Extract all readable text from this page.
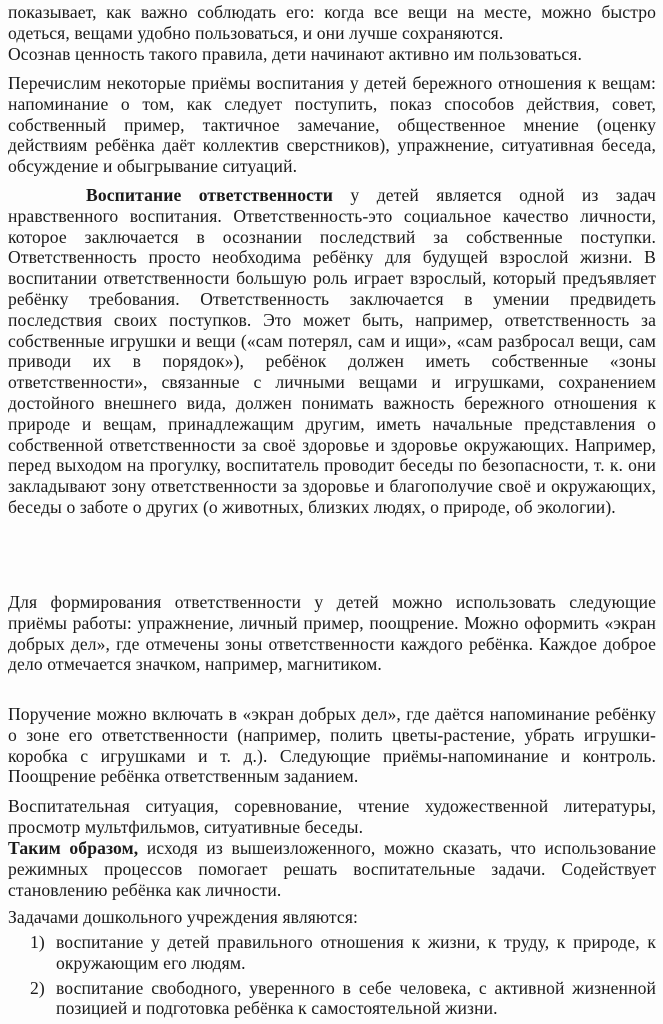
показывает, как важно соблюдать его: когда все вещи на месте, можно быстро одеться, вещами удобно пользоваться, и они лучше сохраняются.

Осознав ценность такого правила, дети начинают активно им пользоваться.

Перечислим некоторые приёмы воспитания у детей бережного отношения к вещам: напоминание о том, как следует поступить, показ способов действия, совет, собственный пример, тактичное замечание, общественное мнение (оценку действиям ребёнка даёт коллектив сверстников), упражнение, ситуативная беседа, обсуждение и обыгрывание ситуаций.

Воспитание ответственности у детей является одной из задач нравственного воспитания. Ответственность-это социальное качество личности, которое заключается в осознании последствий за собственные поступки. Ответственность просто необходима ребёнку для будущей взрослой жизни. В воспитании ответственности большую роль играет взрослый, который предъявляет ребёнку требования. Ответственность заключается в умении предвидеть последствия своих поступков. Это может быть, например, ответственность за собственные игрушки и вещи («сам потерял, сам и ищи», «сам разбросал вещи, сам приводи их в порядок»), ребёнок должен иметь собственные «зоны ответственности», связанные с личными вещами и игрушками, сохранением достойного внешнего вида, должен понимать важность бережного отношения к природе и вещам, принадлежащим другим, иметь начальные представления о собственной ответственности за своё здоровье и здоровье окружающих. Например, перед выходом на прогулку, воспитатель проводит беседы по безопасности, т. к. они закладывают зону ответственности за здоровье и благополучие своё и окружающих, беседы о заботе о других (о животных, близких людях, о природе, об экологии).

Для формирования ответственности у детей можно использовать следующие приёмы работы: упражнение, личный пример, поощрение. Можно оформить «экран добрых дел», где отмечены зоны ответственности каждого ребёнка. Каждое доброе дело отмечается значком, например, магнитиком.

Поручение можно включать в «экран добрых дел», где даётся напоминание ребёнку о зоне его ответственности (например, полить цветы-растение, убрать игрушки-коробка с игрушками и т. д.). Следующие приёмы-напоминание и контроль. Поощрение ребёнка ответственным заданием.

Воспитательная ситуация, соревнование, чтение художественной литературы, просмотр мультфильмов, ситуативные беседы.

Таким образом, исходя из вышеизложенного, можно сказать, что использование режимных процессов помогает решать воспитательные задачи. Содействует становлению ребёнка как личности.

Задачами дошкольного учреждения являются:

1) воспитание у детей правильного отношения к жизни, к труду, к природе, к окружающим его людям.
2) воспитание свободного, уверенного в себе человека, с активной жизненной позицией и подготовка ребёнка к самостоятельной жизни.
